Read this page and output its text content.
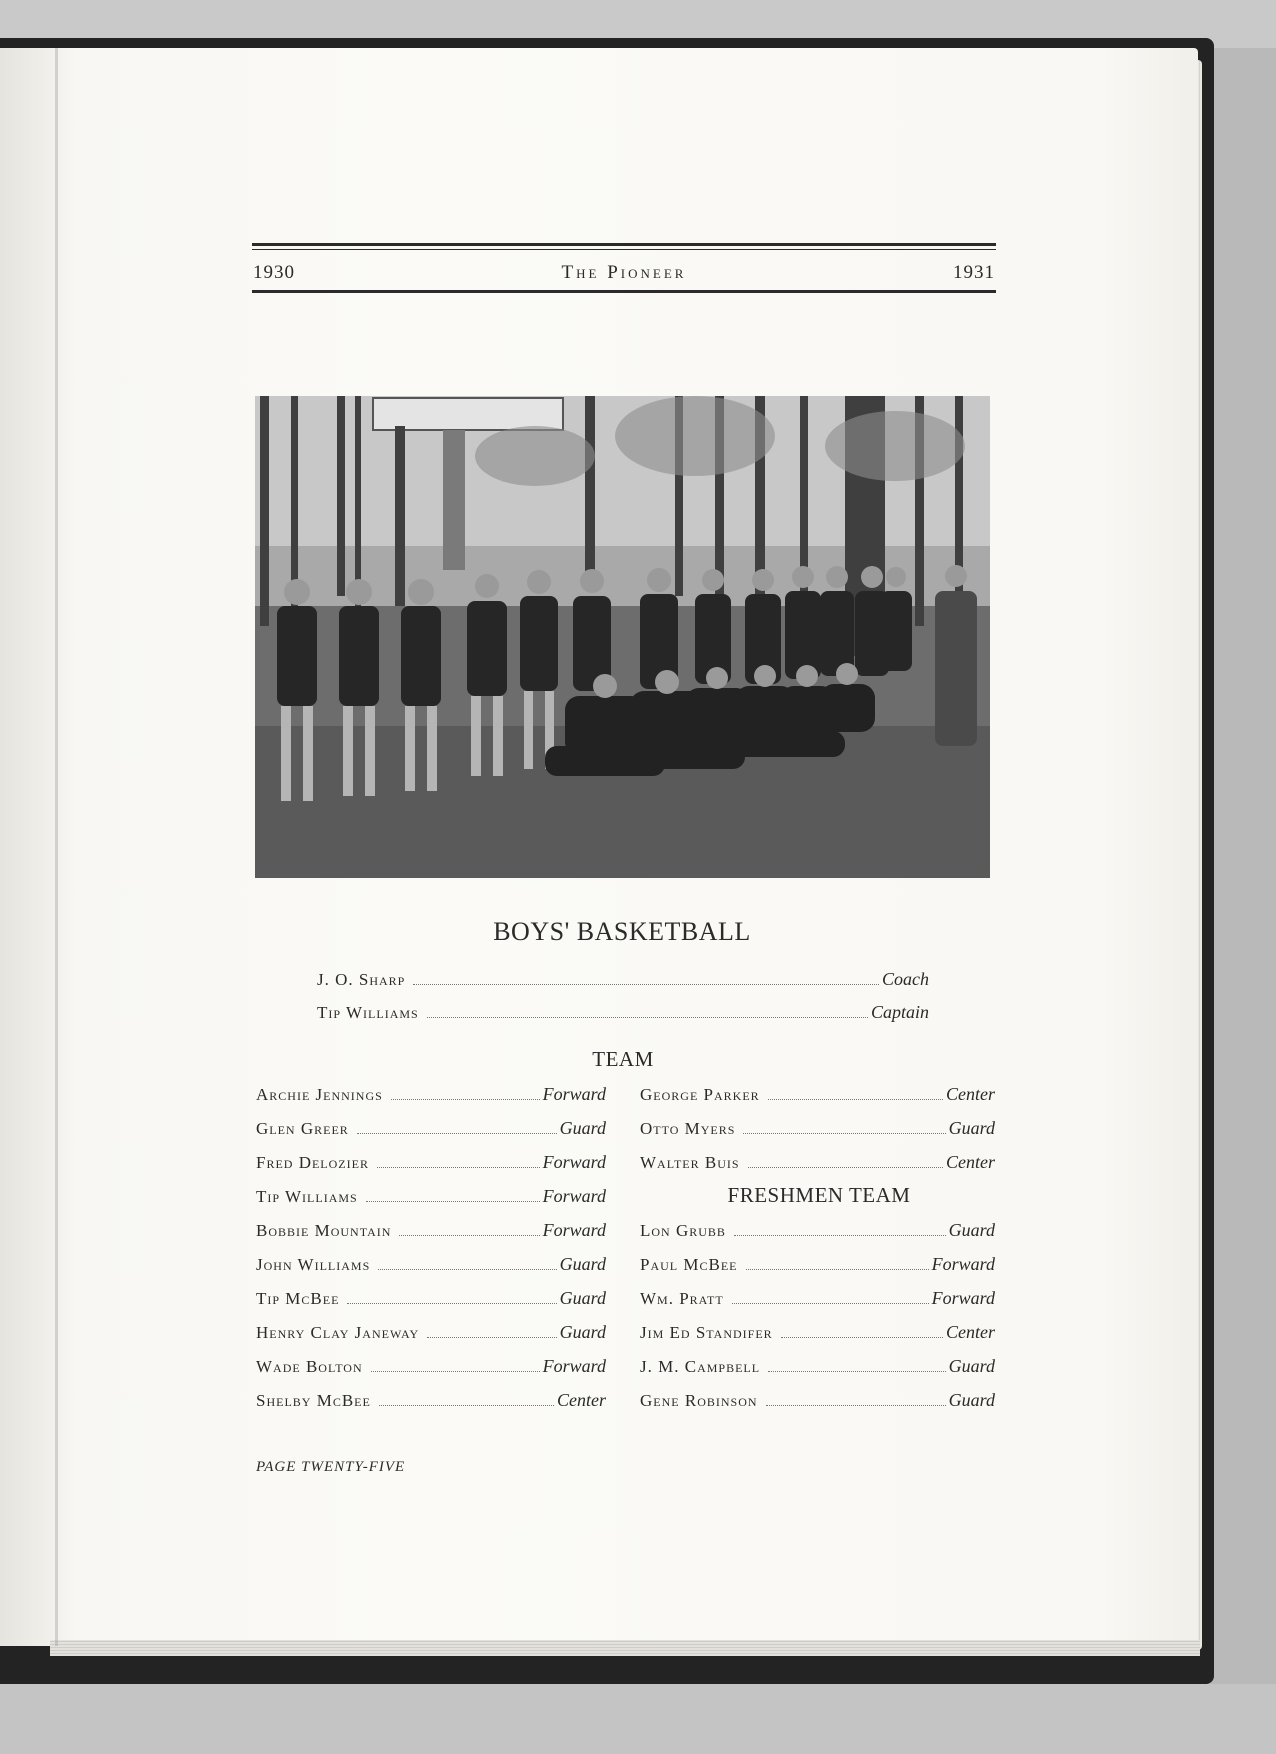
1930	The Pioneer	1931
BOYS' BASKETBALL
J. O. Sharp	Coach
Tip Williams	Captain
TEAM
Archie Jennings	Forward
Glen Greer	Guard
Fred Delozier	Forward
Tip Williams	Forward
Bobbie Mountain	Forward
John Williams	Guard
Tip McBee	Guard
Henry Clay Janeway	Guard
Wade Bolton	Forward
Shelby McBee	Center
George Parker	Center
Otto Myers	Guard
Walter Buis	Center
FRESHMEN TEAM
Lon Grubb	Guard
Paul McBee	Forward
Wm. Pratt	Forward
Jim Ed Standifer	Center
J. M. Campbell	Guard
Gene Robinson	Guard
PAGE TWENTY-FIVE
